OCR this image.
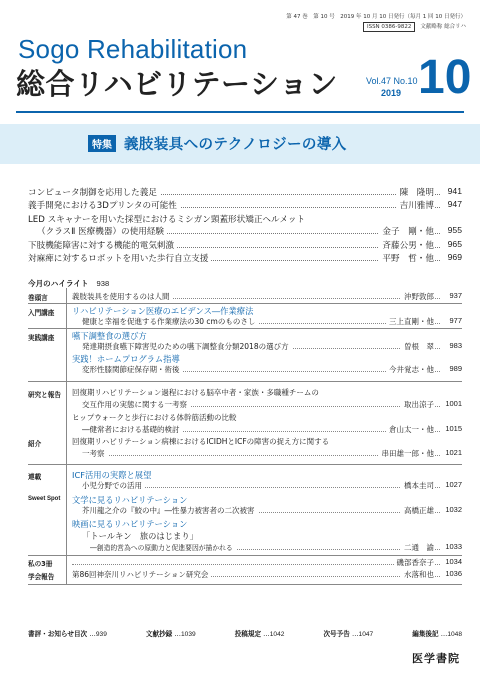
第 47 巻　第 10 号　2019 年 10 月 10 日発行（毎月 1 回 10 日発行）
ISSN 0386-9822	文献略称 総合リハ
Sogo Rehabilitation
総合リハビリテーション	Vol.47 No.10
2019 10
特集 義肢装具へのテクノロジーの導入
コンピュータ制御を応用した義足	陳　隆明	941
義手開発における3Dプリンタの可能性	吉川雅博	947
LED スキャナーを用いた採型におけるミシガン頸蓋形状矯正ヘルメット
（クラスⅡ 医療機器）の使用経験	金子　剛・他	955
下肢機能障害に対する機能的電気刺激	斉藤公男・他	965
対麻痺に対するロボットを用いた歩行自立支援	平野　哲・他	969
今月のハイライト 938
巻頭言	義肢装具を使用するのは人間	沖野敦郎	937
入門講座 リハビリテーション医療のエビデンス―作業療法
健康と幸福を促進する作業療法の30 cmのものさし	三上直剛・他	977
実践講座 嚥下調整食の選び方
発達期摂食嚥下障害児のための嚥下調整食分類2018の選び方	曽根　翠	983
実践！ホームプログラム指導
変形性膝関節症保存期・術後	今井覚志・他	989
研究と報告 回復期リハビリテーション過程における脳卒中者・家族・多職種チームの
交互作用の実態に関する一考察	取出涼子	1001
ヒップウォークと歩行における体幹筋活動の比較
―健常者における基礎的検討	倉山太一・他	1015
紹介	回復期リハビリテーション病棟におけるICIDHとICFの障害の捉え方に関する
一考察	串田雄一郎・他	1021
連載	ICF活用の実際と展望
小児分野での活用	橋本圭司	1027
Sweet Spot 文学に見るリハビリテーション
芥川龍之介の『鮫の中』―性暴力被害者の二次被害	高橋正雄	1032
映画に見るリハビリテーション
「トールキン　旅のはじまり」
―創造的営為への原動力と促進要因が描かれる	二通　諭	1033
私の3冊	磯部香奈子	1034
学会報告 第86回神奈川リハビリテーション研究会	水落和也	1036
書評・お知らせ目次 …939	文献抄録 …1039	投稿規定 …1042	次号予告 …1047	編集後記 …1048
医学書院
